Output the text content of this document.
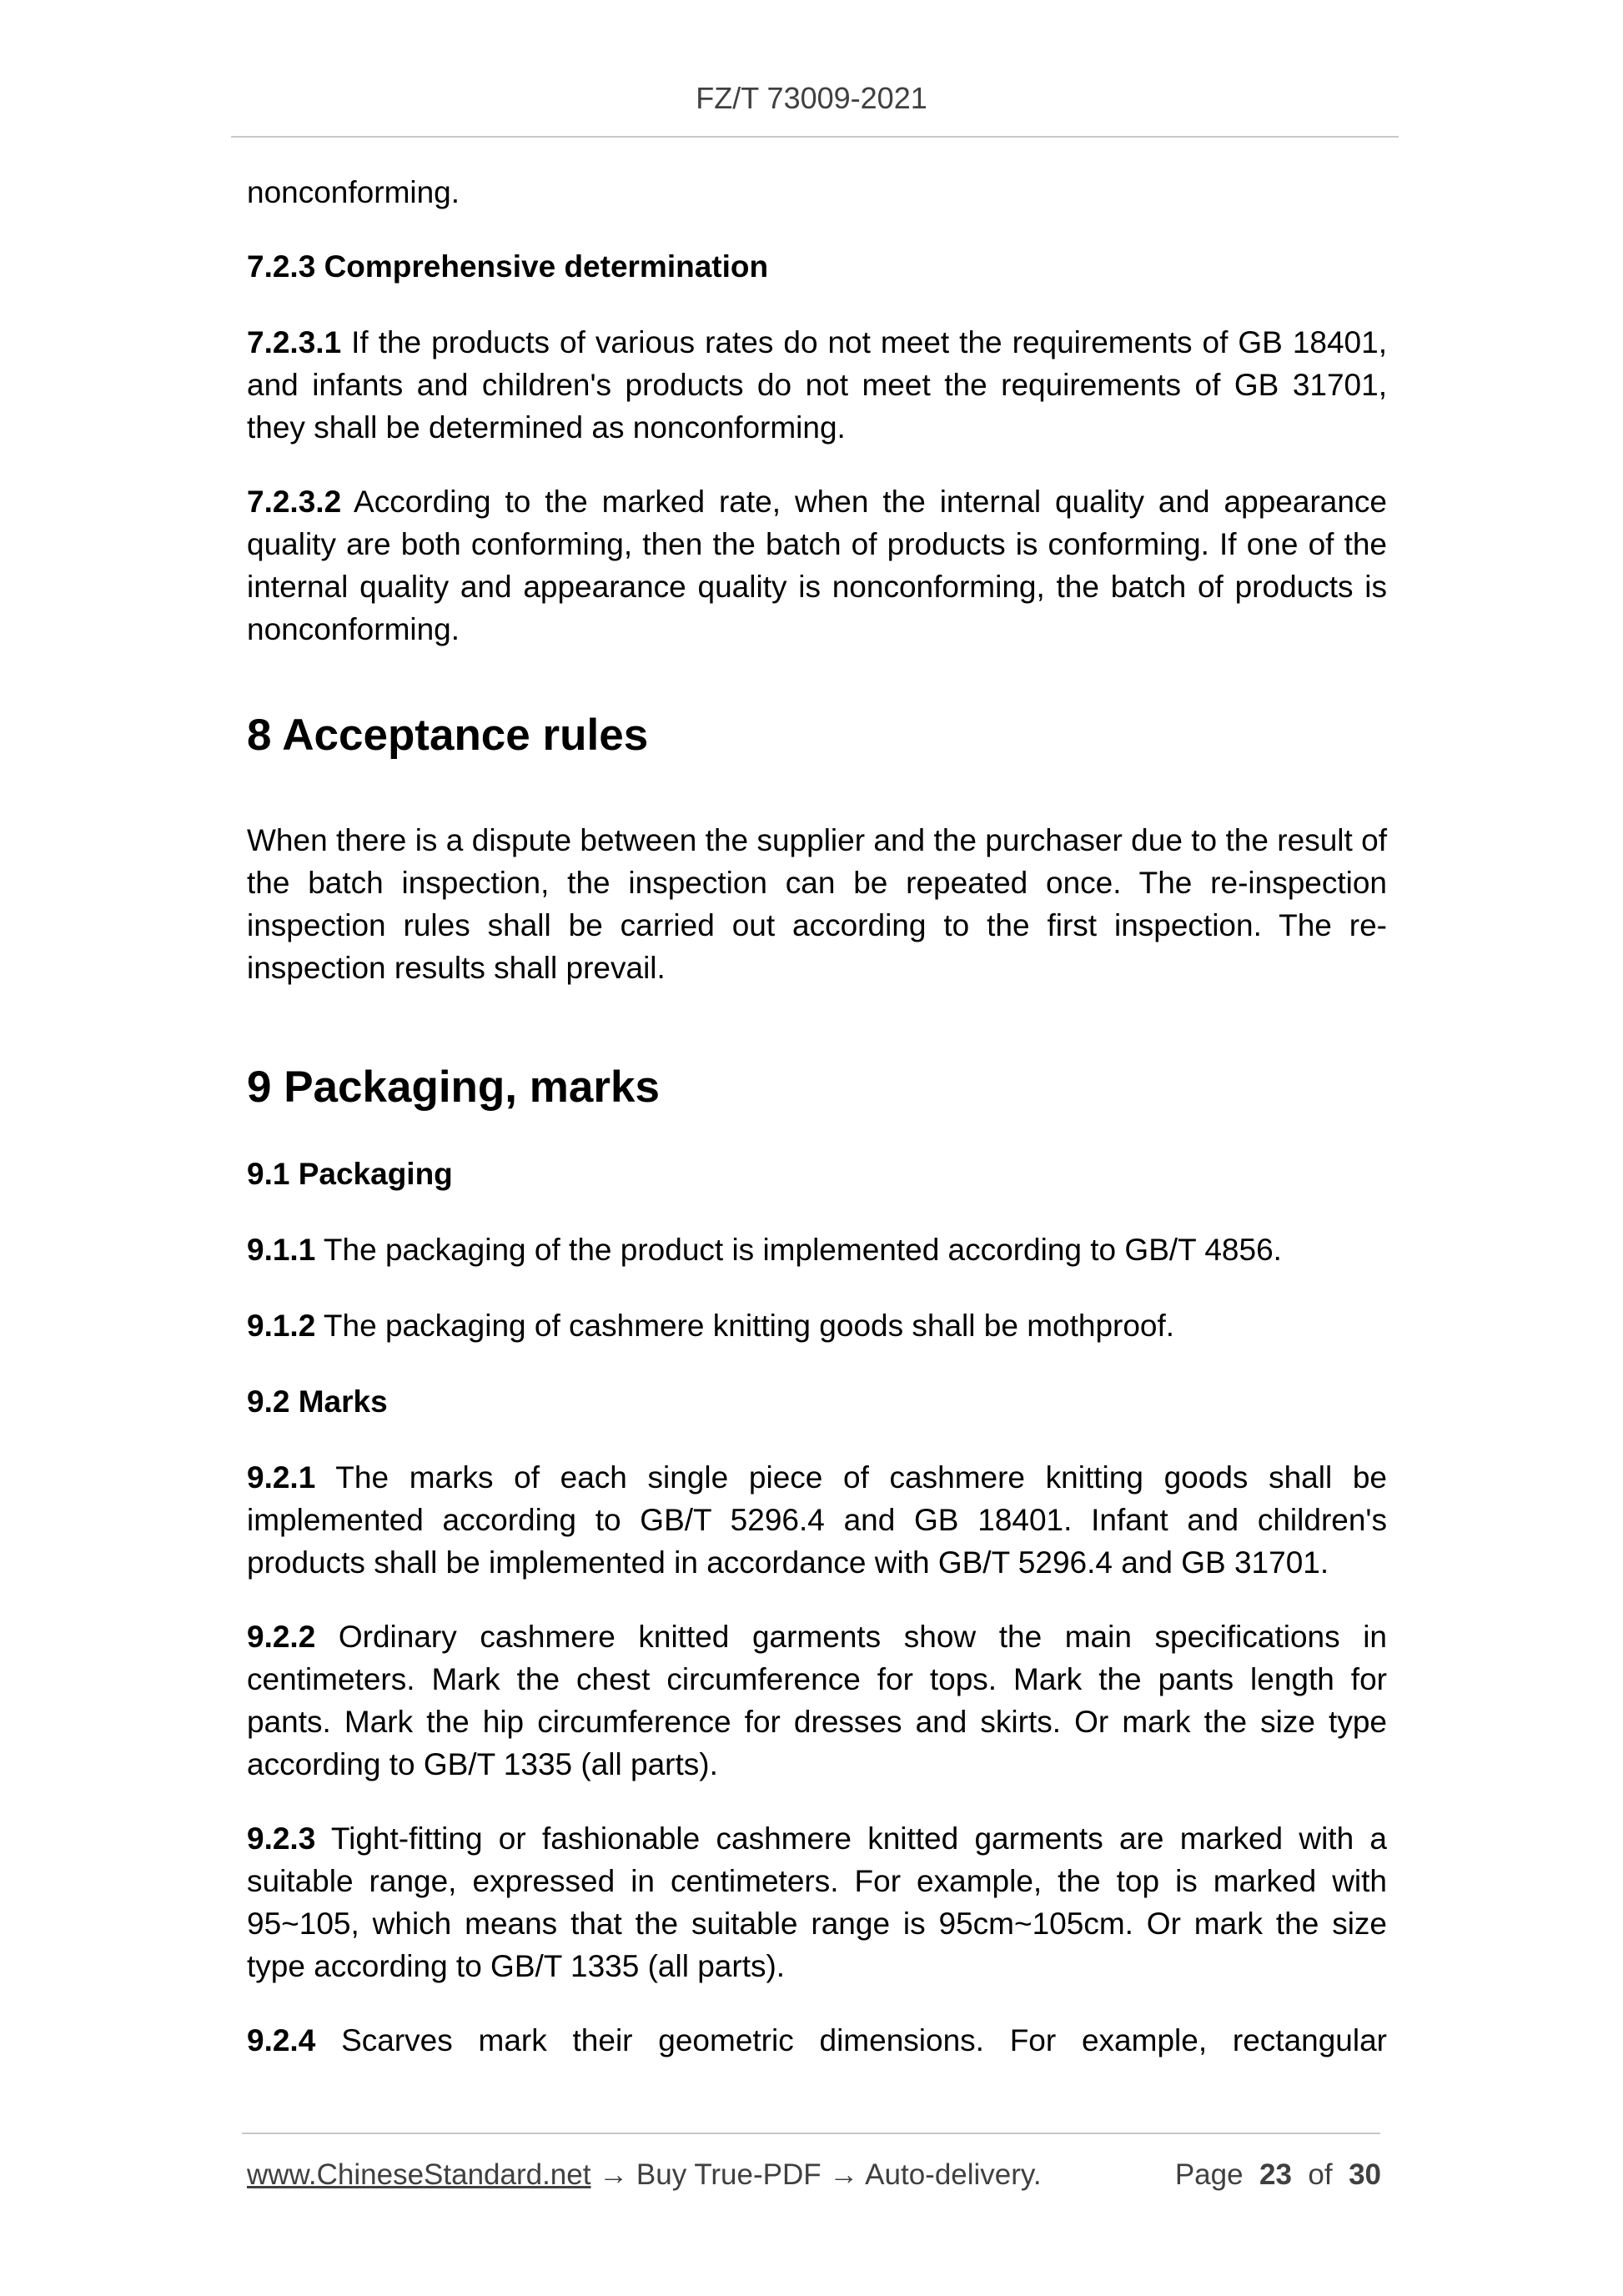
FZ/T 73009-2021

nonconforming.

7.2.3 Comprehensive determination

7.2.3.1 If the products of various rates do not meet the requirements of GB 18401, and infants and children's products do not meet the requirements of GB 31701, they shall be determined as nonconforming.

7.2.3.2 According to the marked rate, when the internal quality and appearance quality are both conforming, then the batch of products is conforming. If one of the internal quality and appearance quality is nonconforming, the batch of products is nonconforming.

8 Acceptance rules

When there is a dispute between the supplier and the purchaser due to the result of the batch inspection, the inspection can be repeated once. The re-inspection inspection rules shall be carried out according to the first inspection. The re-inspection results shall prevail.

9 Packaging, marks

9.1 Packaging

9.1.1 The packaging of the product is implemented according to GB/T 4856.

9.1.2 The packaging of cashmere knitting goods shall be mothproof.

9.2 Marks

9.2.1 The marks of each single piece of cashmere knitting goods shall be implemented according to GB/T 5296.4 and GB 18401. Infant and children's products shall be implemented in accordance with GB/T 5296.4 and GB 31701.

9.2.2 Ordinary cashmere knitted garments show the main specifications in centimeters. Mark the chest circumference for tops. Mark the pants length for pants. Mark the hip circumference for dresses and skirts. Or mark the size type according to GB/T 1335 (all parts).

9.2.3 Tight-fitting or fashionable cashmere knitted garments are marked with a suitable range, expressed in centimeters. For example, the top is marked with 95~105, which means that the suitable range is 95cm~105cm. Or mark the size type according to GB/T 1335 (all parts).

9.2.4 Scarves mark their geometric dimensions. For example, rectangular

www.ChineseStandard.net → Buy True-PDF → Auto-delivery.	Page 23 of 30
